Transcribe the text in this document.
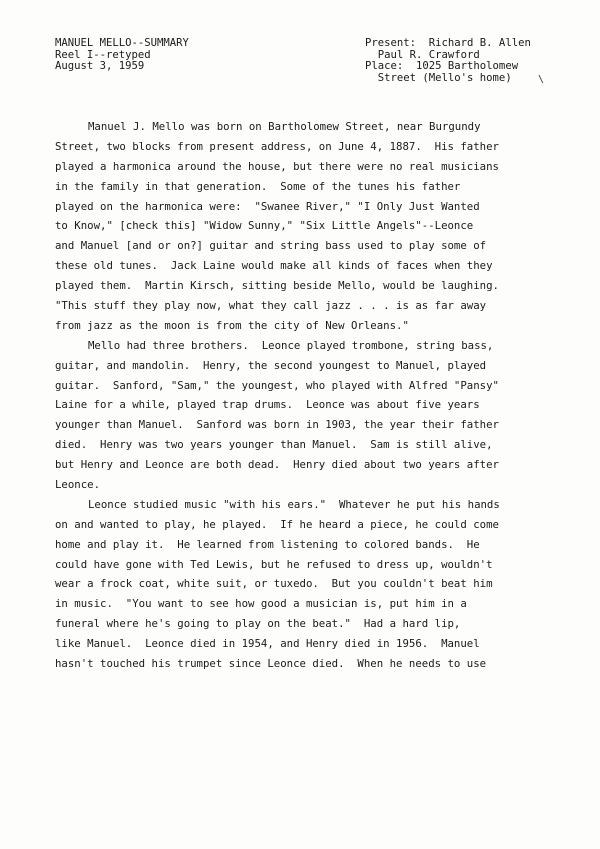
MANUEL MELLO--SUMMARY
Reel I--retyped
August 3, 1959
Present:  Richard B. Allen
Paul R. Crawford
Place:  1025 Bartholomew
Street (Mello's home)	\
Manuel J. Mello was born on Bartholomew Street, near Burgundy
Street, two blocks from present address, on June 4, 1887.  His father
played a harmonica around the house, but there were no real musicians
in the family in that generation.  Some of the tunes his father
played on the harmonica were:  "Swanee River," "I Only Just Wanted
to Know," [check this] "Widow Sunny," "Six Little Angels"--Leonce
and Manuel [and or on?] guitar and string bass used to play some of
these old tunes.  Jack Laine would make all kinds of faces when they
played them.  Martin Kirsch, sitting beside Mello, would be laughing.
"This stuff they play now, what they call jazz . . . is as far away
from jazz as the moon is from the city of New Orleans."
Mello had three brothers.  Leonce played trombone, string bass,
guitar, and mandolin.  Henry, the second youngest to Manuel, played
guitar.  Sanford, "Sam," the youngest, who played with Alfred "Pansy"
Laine for a while, played trap drums.  Leonce was about five years
younger than Manuel.  Sanford was born in 1903, the year their father
died.  Henry was two years younger than Manuel.  Sam is still alive,
but Henry and Leonce are both dead.  Henry died about two years after
Leonce.
Leonce studied music "with his ears."  Whatever he put his hands
on and wanted to play, he played.  If he heard a piece, he could come
home and play it.  He learned from listening to colored bands.  He
could have gone with Ted Lewis, but he refused to dress up, wouldn't
wear a frock coat, white suit, or tuxedo.  But you couldn't beat him
in music.  "You want to see how good a musician is, put him in a
funeral where he's going to play on the beat."  Had a hard lip,
like Manuel.  Leonce died in 1954, and Henry died in 1956.  Manuel
hasn't touched his trumpet since Leonce died.  When he needs to use
